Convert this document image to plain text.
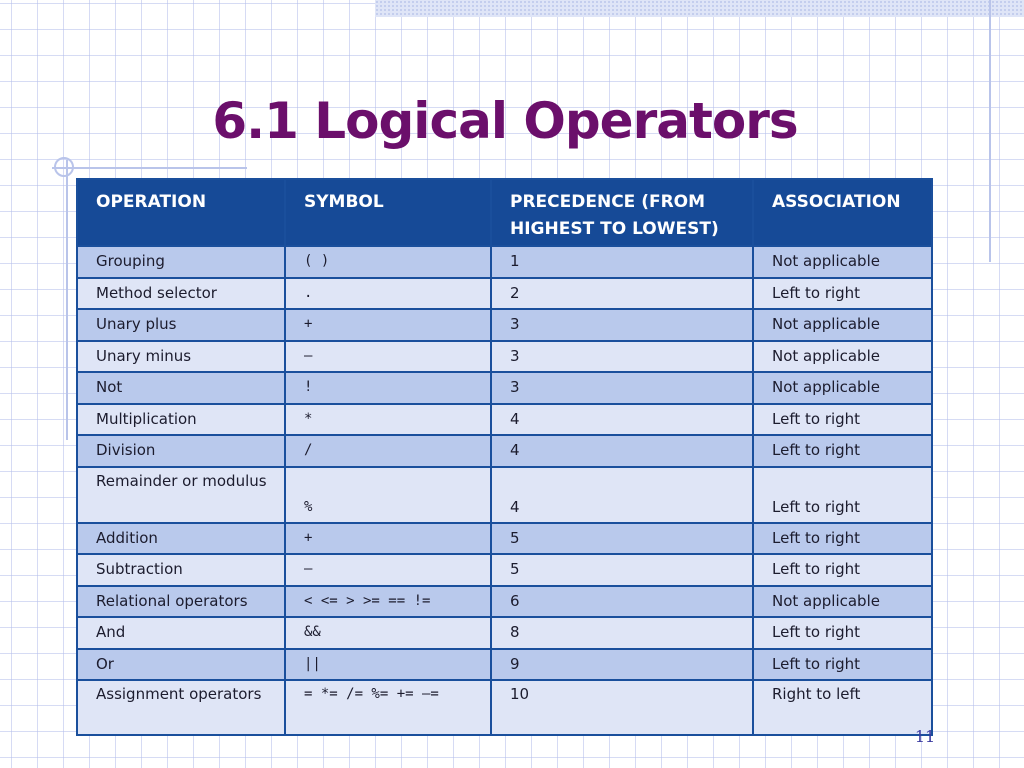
6.1 Logical Operators
OPERATION	SYMBOL	PRECEDENCE (FROM HIGHEST TO LOWEST)	ASSOCIATION
Grouping	( )	1	Not applicable
Method selector	.	2	Left to right
Unary plus	+	3	Not applicable
Unary minus	–	3	Not applicable
Not	!	3	Not applicable
Multiplication	*	4	Left to right
Division	/	4	Left to right
Remainder or modulus	%	4	Left to right
Addition	+	5	Left to right
Subtraction	–	5	Left to right
Relational operators	< <= > >= == !=	6	Not applicable
And	&&	8	Left to right
Or	||	9	Left to right
Assignment operators	= *= /= %= += –=	10	Right to left
11
